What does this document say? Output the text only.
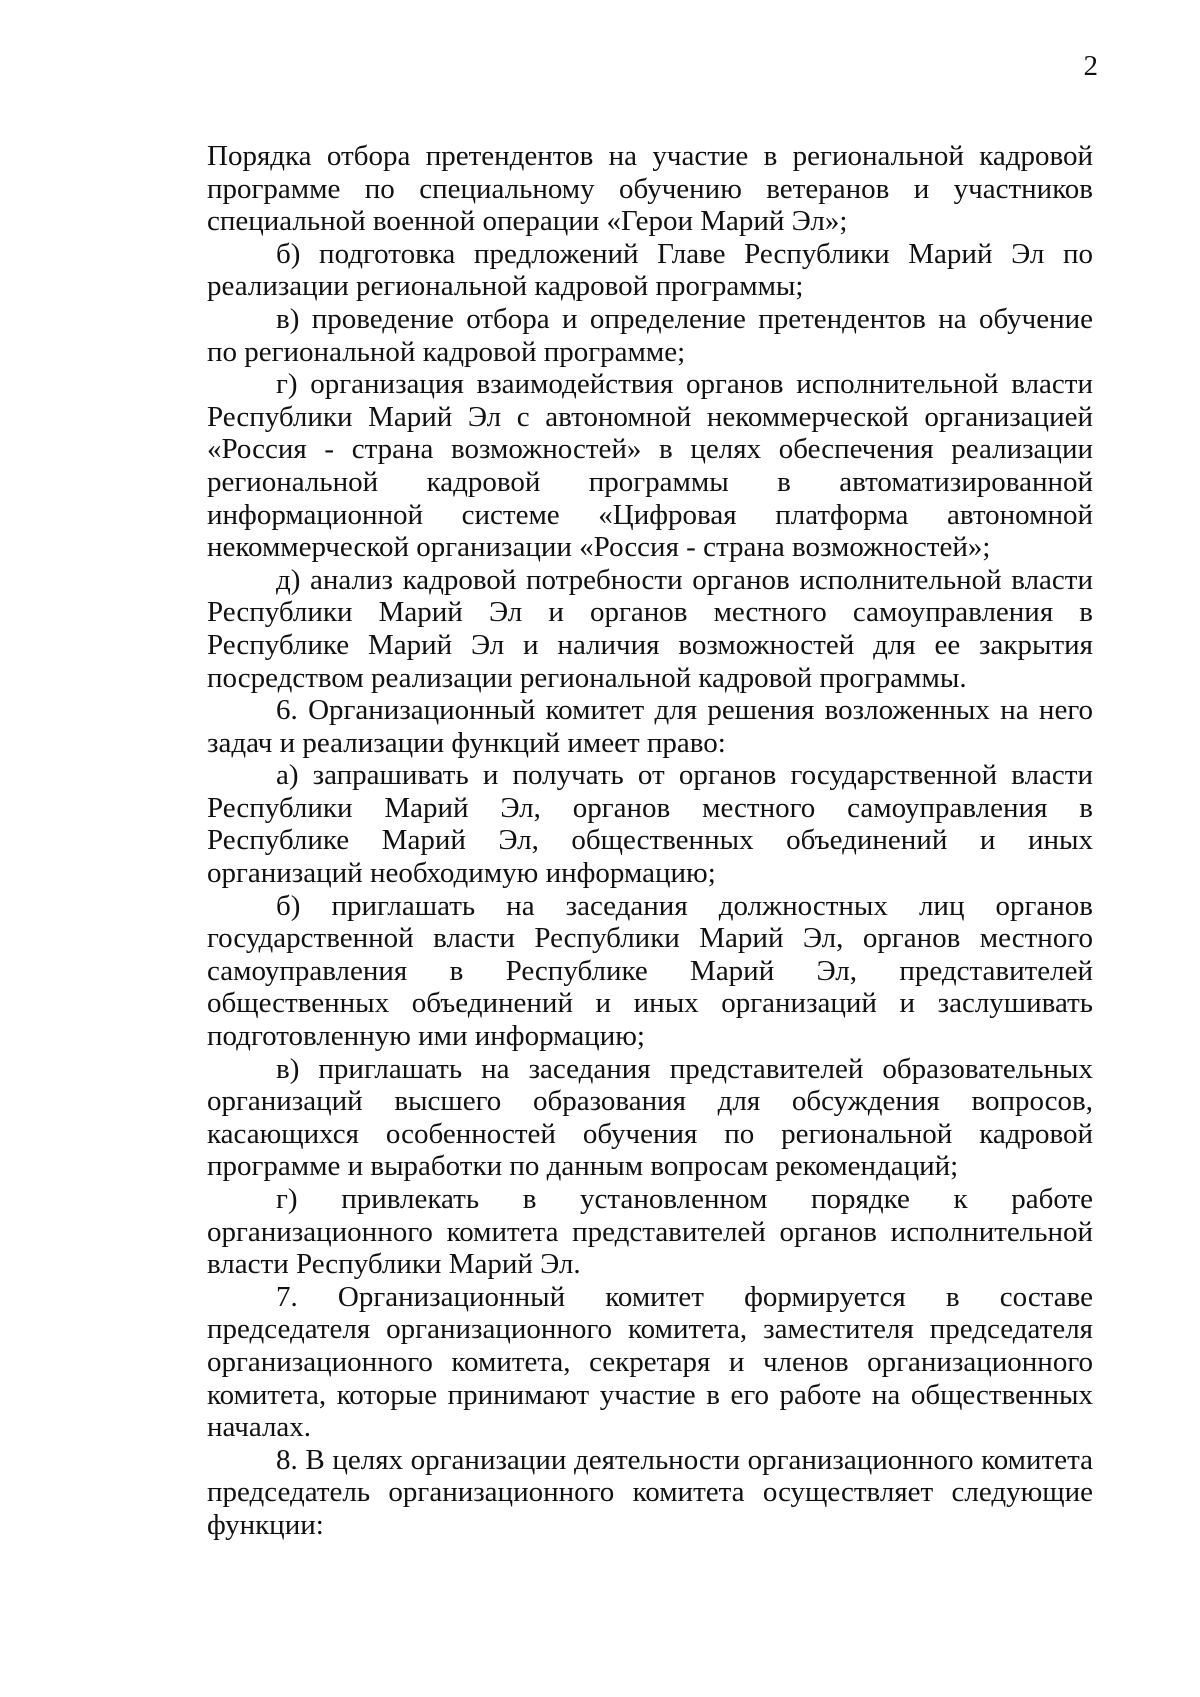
2

Порядка отбора претендентов на участие в региональной кадровой программе по специальному обучению ветеранов и участников специальной военной операции «Герои Марий Эл»;

б) подготовка предложений Главе Республики Марий Эл по реализации региональной кадровой программы;

в) проведение отбора и определение претендентов на обучение по региональной кадровой программе;

г) организация взаимодействия органов исполнительной власти Республики Марий Эл с автономной некоммерческой организацией «Россия - страна возможностей» в целях обеспечения реализации региональной кадровой программы в автоматизированной информационной системе «Цифровая платформа автономной некоммерческой организации «Россия - страна возможностей»;

д) анализ кадровой потребности органов исполнительной власти Республики Марий Эл и органов местного самоуправления в Республике Марий Эл и наличия возможностей для ее закрытия посредством реализации региональной кадровой программы.

6. Организационный комитет для решения возложенных на него задач и реализации функций имеет право:

а) запрашивать и получать от органов государственной власти Республики Марий Эл, органов местного самоуправления в Республике Марий Эл, общественных объединений и иных организаций необходимую информацию;

б) приглашать на заседания должностных лиц органов государственной власти Республики Марий Эл, органов местного самоуправления в Республике Марий Эл, представителей общественных объединений и иных организаций и заслушивать подготовленную ими информацию;

в) приглашать на заседания представителей образовательных организаций высшего образования для обсуждения вопросов, касающихся особенностей обучения по региональной кадровой программе и выработки по данным вопросам рекомендаций;

г) привлекать в установленном порядке к работе организационного комитета представителей органов исполнительной власти Республики Марий Эл.

7. Организационный комитет формируется в составе председателя организационного комитета, заместителя председателя организационного комитета, секретаря и членов организационного комитета, которые принимают участие в его работе на общественных началах.

8. В целях организации деятельности организационного комитета председатель организационного комитета осуществляет следующие функции:
